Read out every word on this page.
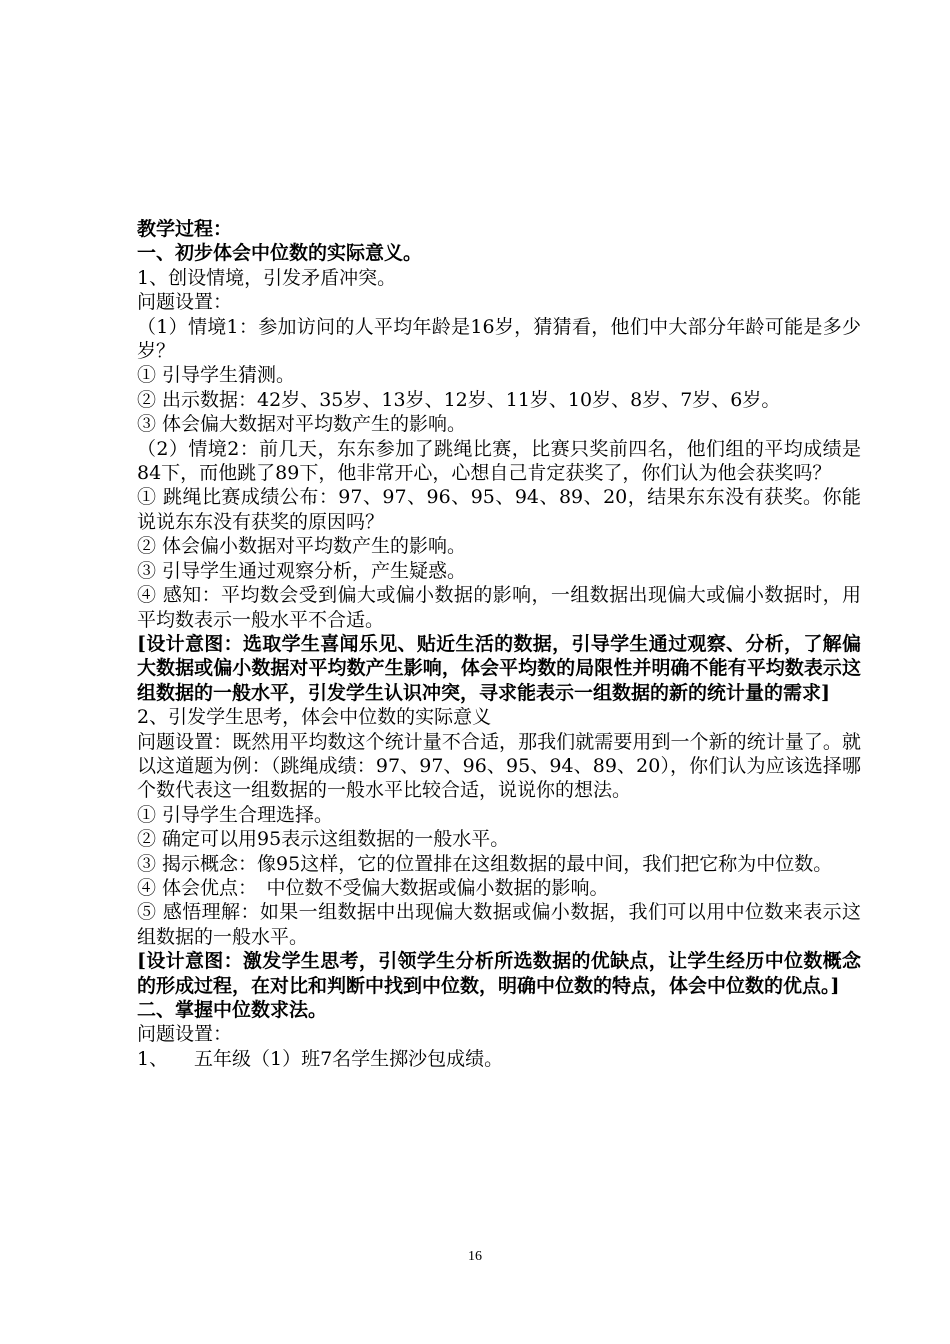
教学过程：

一、初步体会中位数的实际意义。

1、创设情境，引发矛盾冲突。

问题设置：

（1）情境1：参加访问的人平均年龄是16岁，猜猜看，他们中大部分年龄可能是多少岁？

① 引导学生猜测。

② 出示数据：42岁、35岁、13岁、12岁、11岁、10岁、8岁、7岁、6岁。

③ 体会偏大数据对平均数产生的影响。

（2）情境2：前几天，东东参加了跳绳比赛，比赛只奖前四名，他们组的平均成绩是84下，而他跳了89下，他非常开心，心想自己肯定获奖了，你们认为他会获奖吗？

① 跳绳比赛成绩公布：97、97、96、95、94、89、20，结果东东没有获奖。你能说说东东没有获奖的原因吗？

② 体会偏小数据对平均数产生的影响。

③ 引导学生通过观察分析，产生疑惑。

④ 感知：平均数会受到偏大或偏小数据的影响，一组数据出现偏大或偏小数据时，用平均数表示一般水平不合适。

[设计意图：选取学生喜闻乐见、贴近生活的数据，引导学生通过观察、分析，了解偏大数据或偏小数据对平均数产生影响，体会平均数的局限性并明确不能有平均数表示这组数据的一般水平，引发学生认识冲突，寻求能表示一组数据的新的统计量的需求]

2、引发学生思考，体会中位数的实际意义

问题设置：既然用平均数这个统计量不合适，那我们就需要用到一个新的统计量了。就以这道题为例：（跳绳成绩：97、97、96、95、94、89、20），你们认为应该选择哪个数代表这一组数据的一般水平比较合适，说说你的想法。

① 引导学生合理选择。

② 确定可以用95表示这组数据的一般水平。

③ 揭示概念：像95这样，它的位置排在这组数据的最中间，我们把它称为中位数。

④ 体会优点：　中位数不受偏大数据或偏小数据的影响。

⑤ 感悟理解：如果一组数据中出现偏大数据或偏小数据，我们可以用中位数来表示这组数据的一般水平。

[设计意图：激发学生思考，引领学生分析所选数据的优缺点，让学生经历中位数概念的形成过程，在对比和判断中找到中位数，明确中位数的特点，体会中位数的优点。]

二、掌握中位数求法。

问题设置：

1、 五年级（1）班7名学生掷沙包成绩。

16
